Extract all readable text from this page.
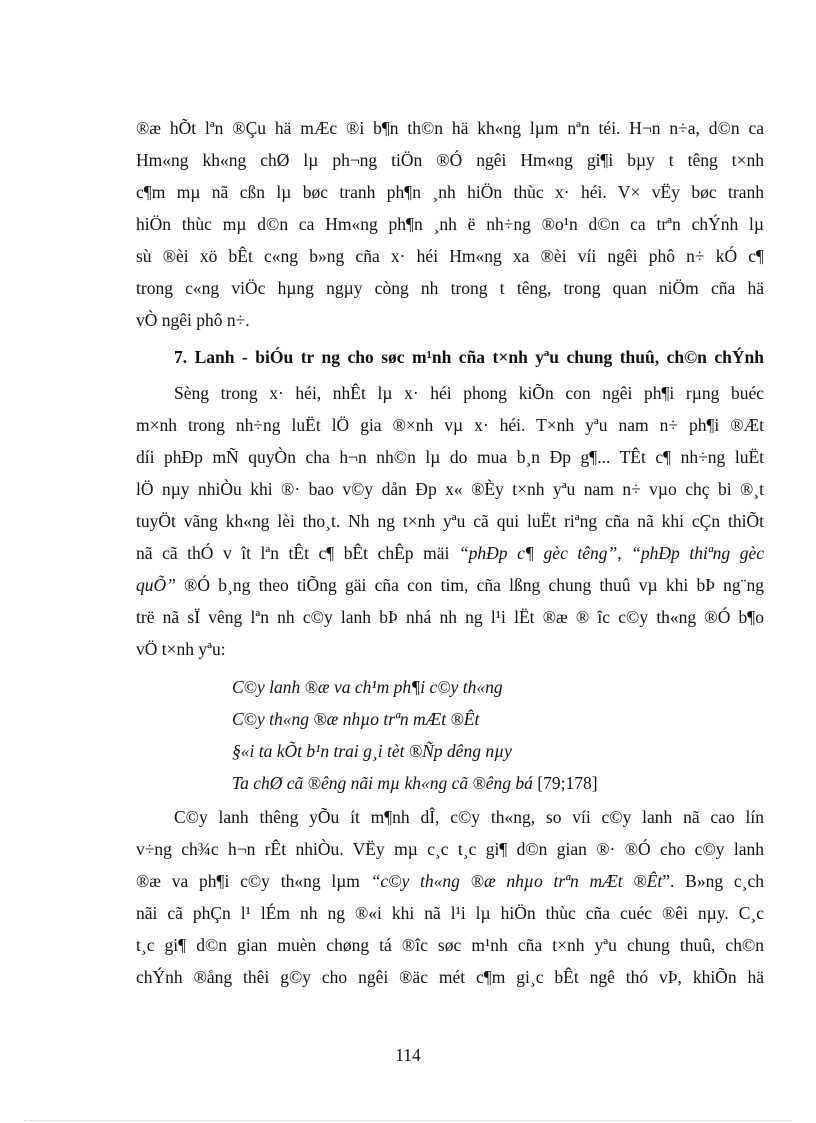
®æ hÕt lªn ®Çu hä mÆc ®i b¶n th©n hä kh«ng lµm nªn téi. H¬n n÷a, d©n ca
Hm«ng kh«ng chØ lµ ph¬ng tiÖn ®Ó ngêi Hm«ng gi¶i bµy t têng t×nh
c¶m mµ nã cßn lµ bøc tranh ph¶n ¸nh hiÖn thùc x· héi. V× vËy bøc tranh
hiÖn thùc mµ d©n ca Hm«ng ph¶n ¸nh ë nh÷ng ®o¹n d©n ca trªn chÝnh lµ
sù ®èi xö bÊt c«ng b»ng cña x· héi Hm«ng xa ®èi víi ngêi phô n÷ kÓ c¶
trong c«ng viÖc hµng ngµy còng nh trong t têng, trong quan niÖm cña hä
vÒ ngêi phô n÷.
7. Lanh - biÓu tr ng cho søc m¹nh cña t×nh yªu chung thuû, ch©n chÝnh
Sèng trong x· héi, nhÊt lµ x· héi phong kiÕn con ngêi ph¶i rµng buéc
m×nh trong nh÷ng luËt lÖ gia ®×nh vµ x· héi. T×nh yªu nam n÷ ph¶i ®Æt
díi phÐp mÑ quyÒn cha h¬n nh©n lµ do mua b¸n Ðp g¶... TÊt c¶ nh÷ng luËt
lÖ nµy nhiÒu khi ®· bao v©y dån Ðp x« ®Èy t×nh yªu nam n÷ vµo chç bi ®¸t
tuyÖt vãng kh«ng lèi tho¸t. Nh ng t×nh yªu cã qui luËt riªng cña nã khi cÇn thiÕt
nã cã thÓ v ît lªn tÊt c¶ bÊt chÊp mäi “phÐp c¶ gèc têng”, “phÐp thiªng gèc
quÕ” ®Ó b¸ng theo tiÕng gäi cña con tim, cña lßng chung thuû vµ khi bÞ ng¨ng
trë nã sÏ vêng lªn nh c©y lanh bÞ nhá nh ng l¹i lËt ®æ ® îc c©y th«ng ®Ó b¶o
vÖ t×nh yªu:
C©y lanh ®æ va ch¹m ph¶i c©y th«ng
C©y th«ng ®æ nhµo trªn mÆt ®Êt
§«i ta kÕt b¹n trai g¸i tèt ®Ñp dêng nµy
Ta chØ cã ®êng nãi mµ kh«ng cã ®êng bá [79;178]
C©y lanh thêng yÕu ít m¶nh dÎ, c©y th«ng, so víi c©y lanh nã cao lín
v÷ng ch¾c h¬n rÊt nhiÒu. VËy mµ c¸c t¸c gi¶ d©n gian ®· ®Ó cho c©y lanh
®æ va ph¶i c©y th«ng lµm “c©y th«ng ®æ nhµo trªn mÆt ®Êt”. B»ng c¸ch
nãi cã phÇn l¹ lÉm nh ng ®«i khi nã l¹i lµ hiÖn thùc cña cuéc ®êi nµy. C¸c
t¸c gi¶ d©n gian muèn chøng tá ®îc søc m¹nh cña t×nh yªu chung thuû, ch©n
chÝnh ®ång thêi g©y cho ngêi ®äc mét c¶m gi¸c bÊt ngê thó vÞ, khiÕn hä
114
